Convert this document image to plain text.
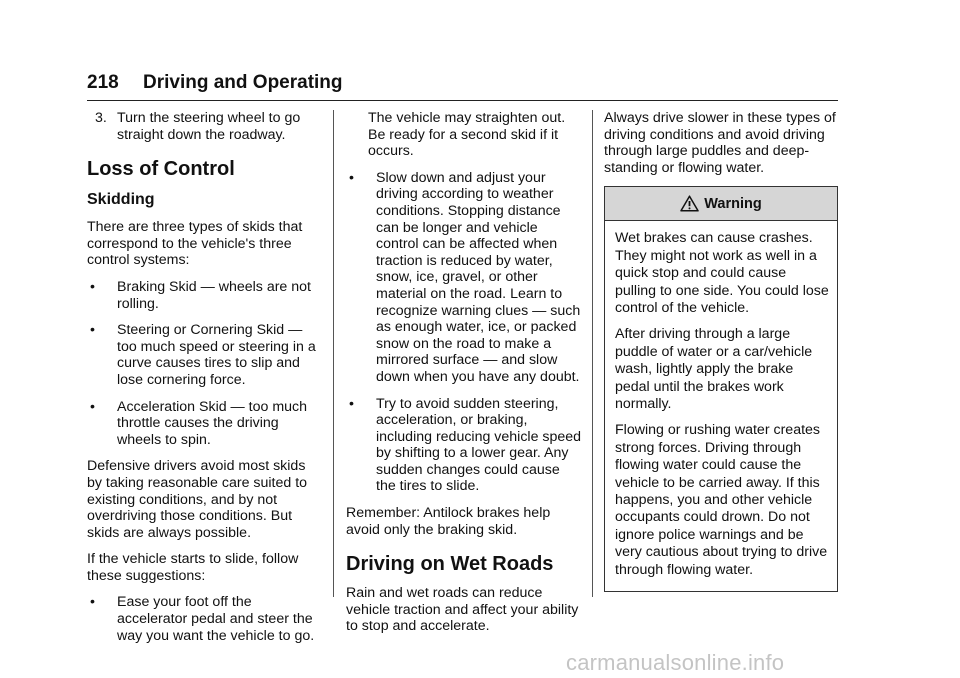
218 Driving and Operating
3. Turn the steering wheel to go straight down the roadway.
Loss of Control
Skidding

There are three types of skids that correspond to the vehicle's three control systems:

•	Braking Skid — wheels are not rolling.
•	Steering or Cornering Skid — too much speed or steering in a curve causes tires to slip and lose cornering force.
•	Acceleration Skid — too much throttle causes the driving wheels to spin.

Defensive drivers avoid most skids by taking reasonable care suited to existing conditions, and by not overdriving those conditions. But skids are always possible.

If the vehicle starts to slide, follow these suggestions:

•	Ease your foot off the accelerator pedal and steer the way you want the vehicle to go.
The vehicle may straighten out. Be ready for a second skid if it occurs.
•	Slow down and adjust your driving according to weather conditions. Stopping distance can be longer and vehicle control can be affected when traction is reduced by water, snow, ice, gravel, or other material on the road. Learn to recognize warning clues — such as enough water, ice, or packed snow on the road to make a mirrored surface — and slow down when you have any doubt.
•	Try to avoid sudden steering, acceleration, or braking, including reducing vehicle speed by shifting to a lower gear. Any sudden changes could cause the tires to slide.

Remember: Antilock brakes help avoid only the braking skid.

Driving on Wet Roads

Rain and wet roads can reduce vehicle traction and affect your ability to stop and accelerate.

Always drive slower in these types of driving conditions and avoid driving through large puddles and deep-standing or flowing water.

Warning

Wet brakes can cause crashes. They might not work as well in a quick stop and could cause pulling to one side. You could lose control of the vehicle.

After driving through a large puddle of water or a car/vehicle wash, lightly apply the brake pedal until the brakes work normally.

Flowing or rushing water creates strong forces. Driving through flowing water could cause the vehicle to be carried away. If this happens, you and other vehicle occupants could drown. Do not ignore police warnings and be very cautious about trying to drive through flowing water.

carmanualsonline.info
